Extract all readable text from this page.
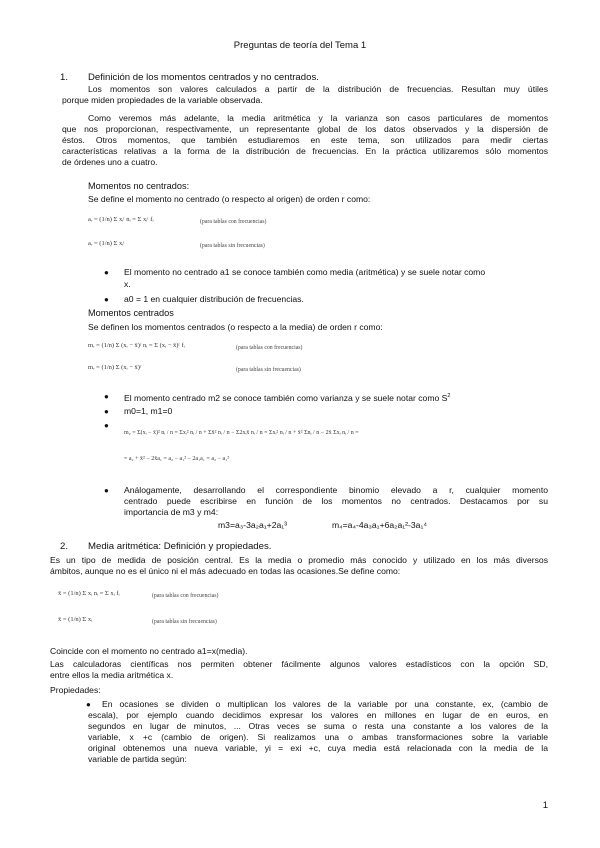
Preguntas de teoría del Tema 1
1. Definición de los momentos centrados y no centrados.
Los momentos son valores calculados a partir de la distribución de frecuencias. Resultan muy útiles
porque miden propiedades de la variable observada.
Como veremos más adelante, la media aritmética y la varianza son casos particulares de momentos
que nos proporcionan, respectivamente, un representante global de los datos observados y la dispersión de
éstos. Otros momentos, que también estudiaremos en este tema, son utilizados para medir ciertas
características relativas a la forma de la distribución de frecuencias. En la práctica utilizaremos sólo momentos
de órdenes uno a cuatro.
Momentos no centrados:
Se define el momento no centrado (o respecto al origen) de orden r como:
aᵣ = (1/n) Σ xᵢʳ nᵢ = Σ xᵢʳ fᵢ	(para tablas con frecuencias)
aᵣ = (1/n) Σ xᵢʳ	(para tablas sin frecuencias)
● El momento no centrado a1 se conoce también como media (aritmética) y se suele notar como
x.
● a0 = 1 en cualquier distribución de frecuencias.
Momentos centrados
Se definen los momentos centrados (o respecto a la media) de orden r como:
mᵣ = (1/n) Σ (xᵢ − x̄)ʳ nᵢ = Σ (xᵢ − x̄)ʳ fᵢ	(para tablas con frecuencias)
mᵣ = (1/n) Σ (xᵢ − x̄)ʳ	(para tablas sin frecuencias)
● El momento centrado m2 se conoce también como varianza y se suele notar como $S^2$
● m0=1, m1=0
●
m₂ = Σ(xᵢ − x̄)² nᵢ / n = Σxᵢ² nᵢ / n + Σx̄² nᵢ / n − Σ2xᵢx̄ nᵢ / n = Σxᵢ² nᵢ / n + x̄² Σnᵢ / n − 2x̄ Σxᵢ nᵢ / n =
= a₂ + x̄² − 2x̄a₁ = a₂ − a₁² − 2a₁a₁ = a₂ − a₁²
● Análogamente, desarrollando el correspondiente binomio elevado a r, cualquier momento
centrado puede escribirse en función de los momentos no centrados. Destacamos por su
importancia de m3 y m4:
m3=a₃-3a₂a₁+2a₁³	m₄=a₄-4a₃a₁+6a₂a₁²-3a₁⁴
2. Media aritmética: Definición y propiedades.
Es un tipo de medida de posición central. Es la media o promedio más conocido y utilizado en los más diversos
ámbitos, aunque no es el único ni el más adecuado en todas las ocasiones.Se define como:
x̄ = (1/n) Σ xᵢ nᵢ = Σ xᵢ fᵢ	(para tablas con frecuencias)
x̄ = (1/n) Σ xᵢ	(para tablas sin frecuencias)
Coincide con el momento no centrado a1=x(media).
Las calculadoras científicas nos permiten obtener fácilmente algunos valores estadísticos con la opción SD,
entre ellos la media aritmética x.
Propiedades:
●	En ocasiones se dividen o multiplican los valores de la variable por una constante, ex, (cambio de
escala), por ejemplo cuando decidimos expresar los valores en millones en lugar de en euros, en
segundos en lugar de minutos, ... Otras veces se suma o resta una constante a los valores de la
variable, x +c (cambio de origen). Si realizamos una o ambas transformaciones sobre la variable
original obtenemos una nueva variable, yi = exi +c, cuya media está relacionada con la media de la
variable de partida según:
1
